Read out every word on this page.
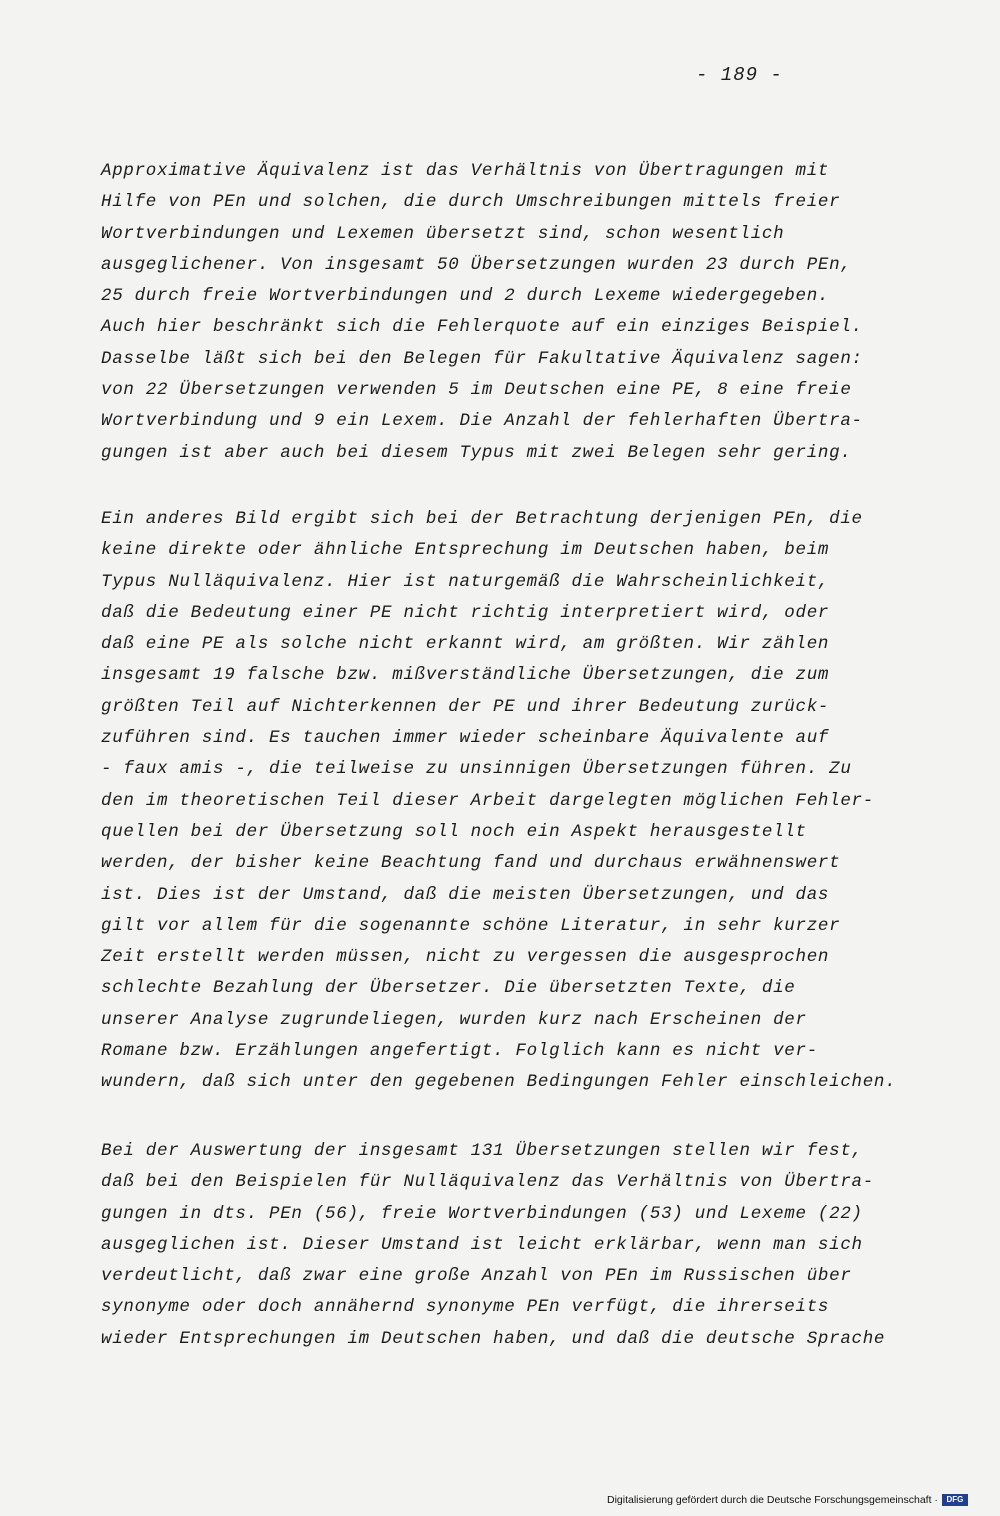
- 189 -
Approximative Äquivalenz ist das Verhältnis von Übertragungen mit
Hilfe von PEn und solchen, die durch Umschreibungen mittels freier
Wortverbindungen und Lexemen übersetzt sind, schon wesentlich
ausgeglichener. Von insgesamt 50 Übersetzungen wurden 23 durch PEn,
25 durch freie Wortverbindungen und 2 durch Lexeme wiedergegeben.
Auch hier beschränkt sich die Fehlerquote auf ein einziges Beispiel.
Dasselbe läßt sich bei den Belegen für Fakultative Äquivalenz sagen:
von 22 Übersetzungen verwenden 5 im Deutschen eine PE, 8 eine freie
Wortverbindung und 9 ein Lexem. Die Anzahl der fehlerhaften Übertra-
gungen ist aber auch bei diesem Typus mit zwei Belegen sehr gering.
Ein anderes Bild ergibt sich bei der Betrachtung derjenigen PEn, die
keine direkte oder ähnliche Entsprechung im Deutschen haben, beim
Typus Nulläquivalenz. Hier ist naturgemäß die Wahrscheinlichkeit,
daß die Bedeutung einer PE nicht richtig interpretiert wird, oder
daß eine PE als solche nicht erkannt wird, am größten. Wir zählen
insgesamt 19 falsche bzw. mißverständliche Übersetzungen, die zum
größten Teil auf Nichterkennen der PE und ihrer Bedeutung zurück-
zuführen sind. Es tauchen immer wieder scheinbare Äquivalente auf
- faux amis -, die teilweise zu unsinnigen Übersetzungen führen. Zu
den im theoretischen Teil dieser Arbeit dargelegten möglichen Fehler-
quellen bei der Übersetzung soll noch ein Aspekt herausgestellt
werden, der bisher keine Beachtung fand und durchaus erwähnenswert
ist. Dies ist der Umstand, daß die meisten Übersetzungen, und das
gilt vor allem für die sogenannte schöne Literatur, in sehr kurzer
Zeit erstellt werden müssen, nicht zu vergessen die ausgesprochen
schlechte Bezahlung der Übersetzer. Die übersetzten Texte, die
unserer Analyse zugrundeliegen, wurden kurz nach Erscheinen der
Romane bzw. Erzählungen angefertigt. Folglich kann es nicht ver-
wundern, daß sich unter den gegebenen Bedingungen Fehler einschleichen.
Bei der Auswertung der insgesamt 131 Übersetzungen stellen wir fest,
daß bei den Beispielen für Nulläquivalenz das Verhältnis von Übertra-
gungen in dts. PEn (56), freie Wortverbindungen (53) und Lexeme (22)
ausgeglichen ist. Dieser Umstand ist leicht erklärbar, wenn man sich
verdeutlicht, daß zwar eine große Anzahl von PEn im Russischen über
synonyme oder doch annähernd synonyme PEn verfügt, die ihrerseits
wieder Entsprechungen im Deutschen haben, und daß die deutsche Sprache
Digitalisierung gefördert durch die Deutsche Forschungsgemeinschaft ·	DFG
